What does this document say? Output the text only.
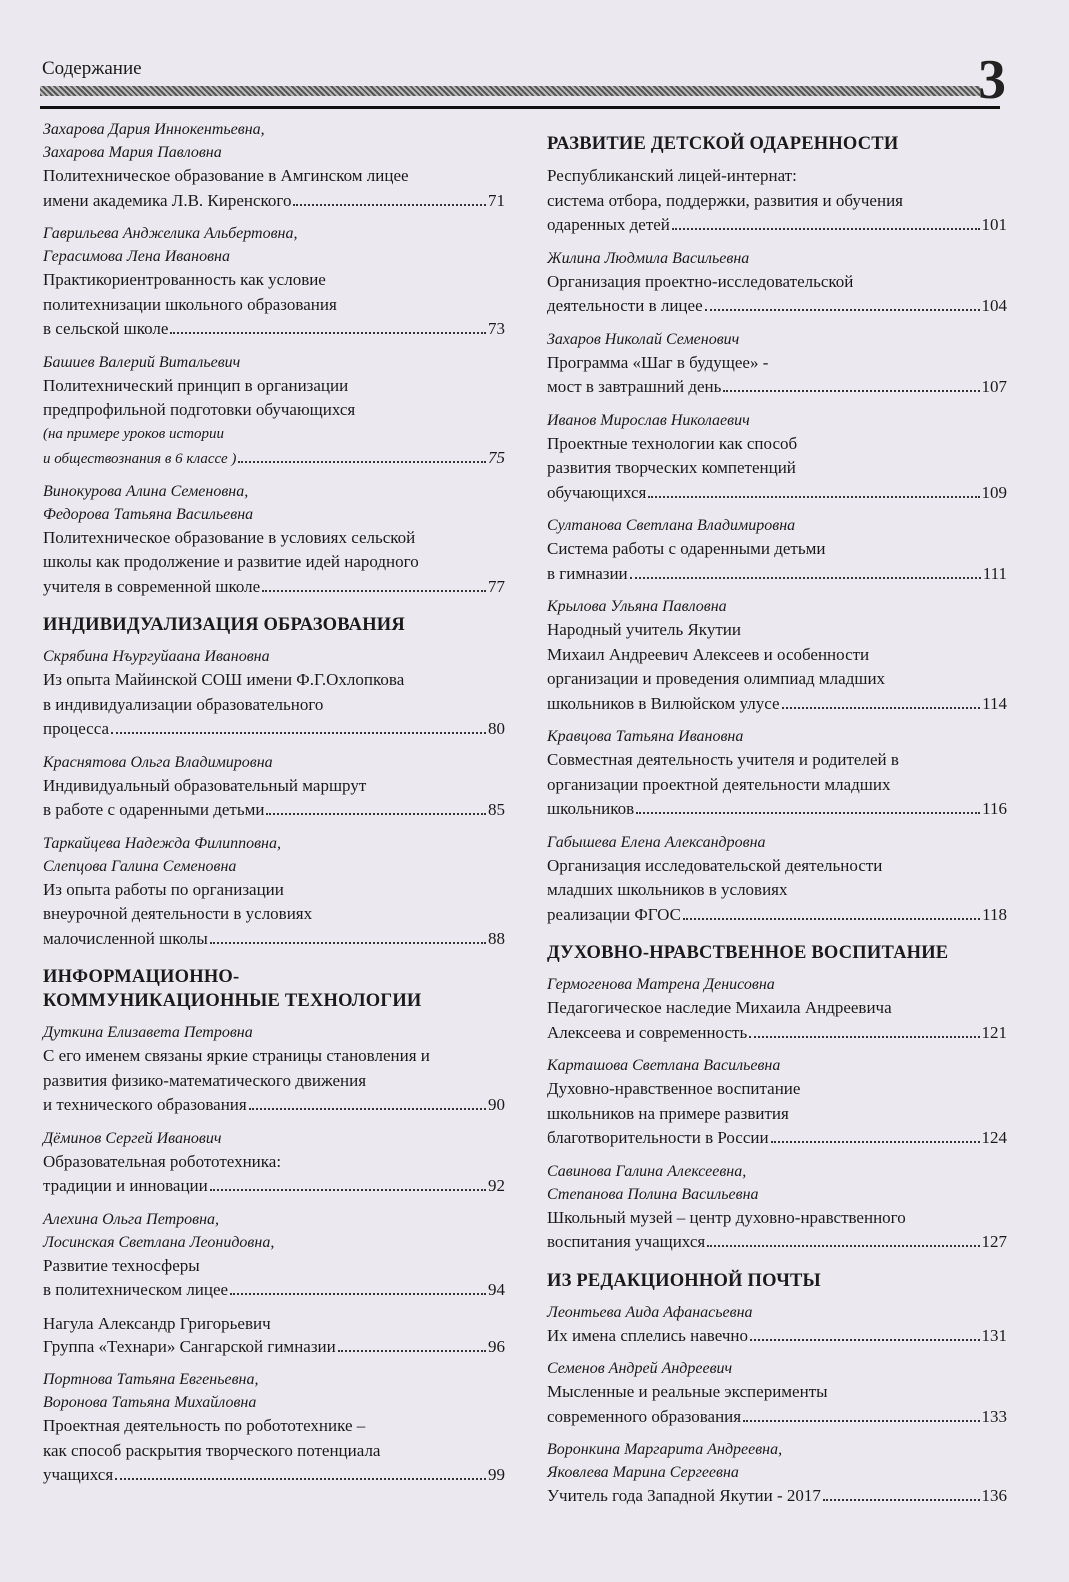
Содержание	3
Захарова Дария Иннокентьевна,
Захарова Мария Павловна
Политехническое образование в Амгинском лицее
имени академика Л.В. Киренского	71
Гаврильева Анджелика Альбертовна,
Герасимова Лена Ивановна
Практикориентрованность как условие
политехнизации школьного образования
в сельской школе	73
Башиев Валерий Витальевич
Политехнический принцип в организации
предпрофильной подготовки обучающихся
(на примере уроков истории
и обществознания в 6 классе )	75
Винокурова Алина Семеновна,
Федорова Татьяна Васильевна
Политехническое образование в условиях сельской
школы как продолжение и развитие идей народного
учителя в современной школе	77
ИНДИВИДУАЛИЗАЦИЯ ОБРАЗОВАНИЯ
Скрябина Нъургуйаана Ивановна
Из опыта Майинской СОШ имени Ф.Г.Охлопкова
в индивидуализации образовательного
процесса	80
Краснятова Ольга Владимировна
Индивидуальный образовательный маршрут
в работе с одаренными детьми	85
Таркайцева Надежда Филипповна,
Слепцова Галина Семеновна
Из опыта работы по организации
внеурочной деятельности в условиях
малочисленной школы	88
ИНФОРМАЦИОННО-
КОММУНИКАЦИОННЫЕ ТЕХНОЛОГИИ
Дуткина Елизавета Петровна
С его именем связаны яркие страницы становления и
развития физико-математического движения
и технического образования	90
Дёминов Сергей Иванович
Образовательная робототехника:
традиции и инновации	92
Алехина Ольга Петровна,
Лосинская Светлана Леонидовна,
Развитие техносферы
в политехническом лицее	94
Нагула Александр Григорьевич
Группа «Технари» Сангарской гимназии	96
Портнова Татьяна Евгеньевна,
Воронова Татьяна Михайловна
Проектная деятельность по робототехнике –
как способ раскрытия творческого потенциала
учащихся	99
РАЗВИТИЕ ДЕТСКОЙ ОДАРЕННОСТИ
Республиканский лицей-интернат:
система отбора, поддержки, развития и обучения
одаренных детей	101
Жилина Людмила Васильевна
Организация проектно-исследовательской
деятельности в лицее	104
Захаров Николай Семенович
Программа «Шаг в будущее» -
мост в завтрашний день	107
Иванов Мирослав Николаевич
Проектные технологии как способ
развития творческих компетенций
обучающихся	109
Султанова Светлана Владимировна
Система работы с одаренными детьми
в гимназии	111
Крылова Ульяна Павловна
Народный учитель Якутии
Михаил Андреевич Алексеев и особенности
организации и проведения олимпиад младших
школьников в Вилюйском улусе	114
Кравцова Татьяна Ивановна
Совместная деятельность учителя и родителей в
организации проектной деятельности младших
школьников	116
Габышева Елена Александровна
Организация исследовательской деятельности
младших школьников в условиях
реализации ФГОС	118
ДУХОВНО-НРАВСТВЕННОЕ ВОСПИТАНИЕ
Гермогенова Матрена Денисовна
Педагогическое наследие Михаила Андреевича
Алексеева и современность	121
Карташова Светлана Васильевна
Духовно-нравственное воспитание
школьников на примере развития
благотворительности в России	124
Савинова Галина Алексеевна,
Степанова Полина Васильевна
Школьный музей – центр духовно-нравственного
воспитания учащихся	127
ИЗ РЕДАКЦИОННОЙ ПОЧТЫ
Леонтьева Аида Афанасьевна
Их имена сплелись навечно	131
Семенов Андрей Андреевич
Мысленные и реальные эксперименты
современного образования	133
Воронкина Маргарита Андреевна,
Яковлева Марина Сергеевна
Учитель года Западной Якутии - 2017	136
